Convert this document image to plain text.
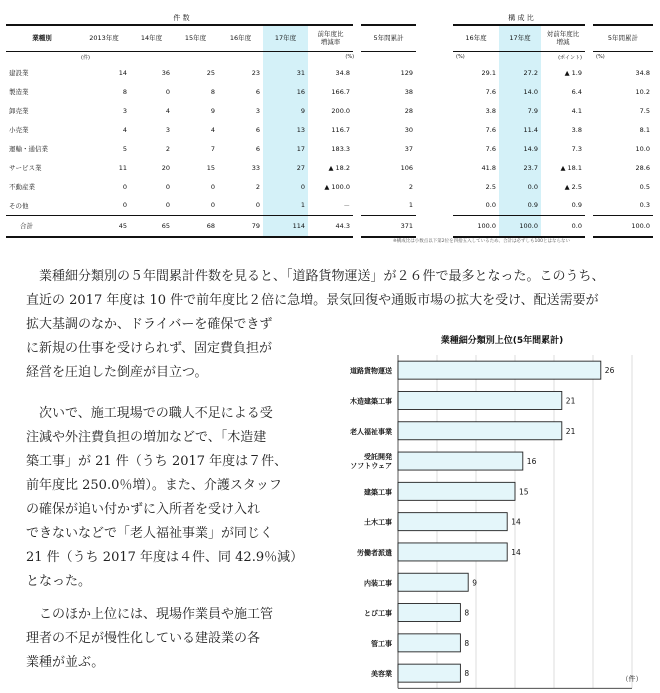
件 数							
業種別	2013年度	14年度	15年度	16年度	17年度	前年度比
増減率	5年間累計
	(件)					(%)	
建設業	14	36	25	23	31	34.8	129
製造業	8	0	8	6	16	166.7	38
卸売業	3	4	9	3	9	200.0	28
小売業	4	3	4	6	13	116.7	30
運輸・通信業	5	2	7	6	17	183.3	37
サービス業	11	20	15	33	27	▲ 18.2	106
不動産業	0	0	0	2	0	▲ 100.0	2
その他	0	0	0	0	1	－	1
合計	45	65	68	79	114	44.3	371
構 成 比			
16年度	17年度	対前年度比
増減	5年間累計
(%)		(ポイント)	(%)
29.1	27.2	▲ 1.9	34.8
7.6	14.0	6.4	10.2
3.8	7.9	4.1	7.5
7.6	11.4	3.8	8.1
7.6	14.9	7.3	10.0
41.8	23.7	▲ 18.1	28.6
2.5	0.0	▲ 2.5	0.5
0.0	0.9	0.9	0.3
100.0	100.0	0.0	100.0
※構成比は小数点以下第2位を四捨五入しているため、合計は必ずしも100とはならない
業種細分類別の５年間累計件数を見ると、「道路貨物運送」が２６件で最多となった。このうち、
直近の 2017 年度は 10 件で前年度比２倍に急増。景気回復や通販市場の拡大を受け、配送需要が
拡大基調のなか、ドライバーを確保できず
に新規の仕事を受けられず、固定費負担が
経営を圧迫した倒産が目立つ。
次いで、施工現場での職人不足による受
注減や外注費負担の増加などで、「木造建
築工事」が 21 件（うち 2017 年度は７件、
前年度比 250.0％増）。また、介護スタッフ
の確保が追い付かずに入所者を受け入れ
できないなどで「老人福祉事業」が同じく
21 件（うち 2017 年度は４件、同 42.9％減）
となった。
このほか上位には、現場作業員や施工管
理者の不足が慢性化している建設業の各
業種が並ぶ。
業種細分類別上位(5年間累計)
26
道路貨物運送
21
木造建築工事
21
老人福祉事業
16
受託開発ソフトウェア
15
建築工事
14
土木工事
14
労働者派遣
9
内装工事
8
とび工事
8
管工事
8
美容業
（件）
